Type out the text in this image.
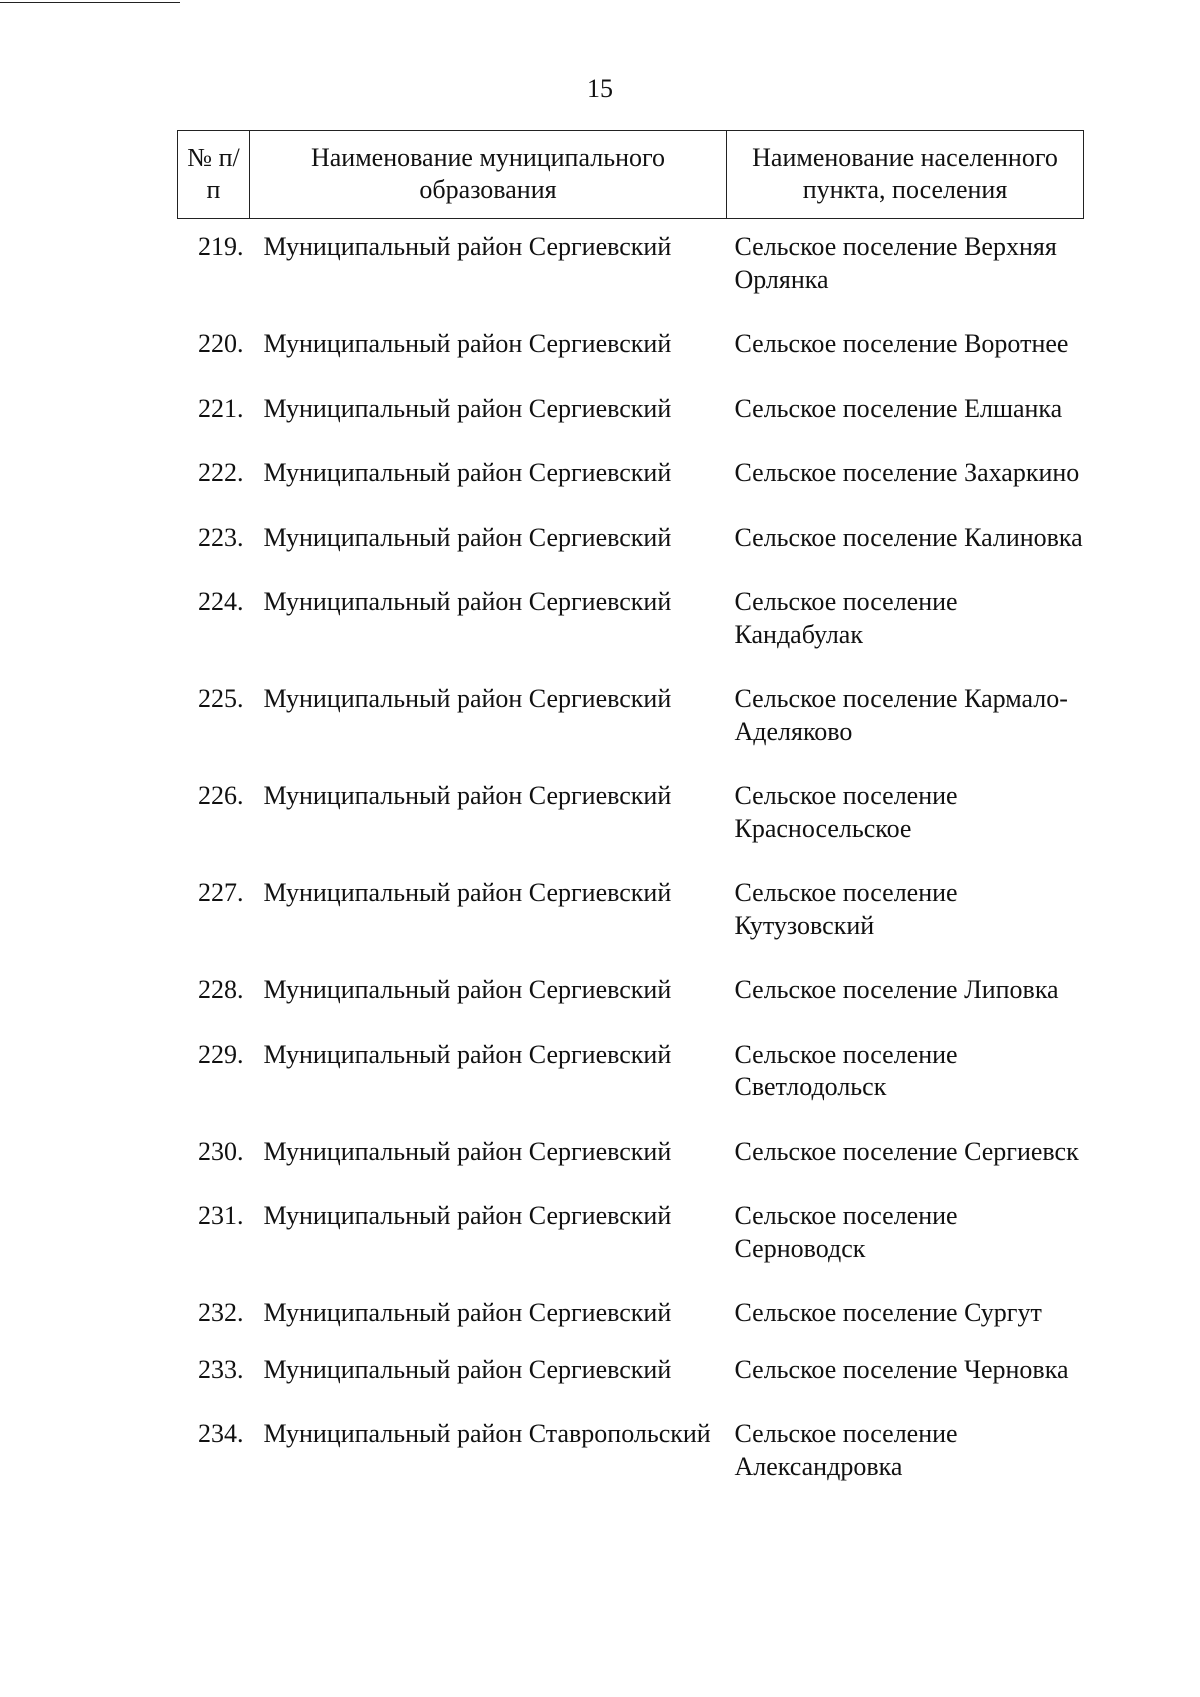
15
№ п/п	Наименование муниципального образования	Наименование населенного пункта, поселения
219.	Муниципальный район Сергиевский	Сельское поселение Верхняя Орлянка
220.	Муниципальный район Сергиевский	Сельское поселение Воротнее
221.	Муниципальный район Сергиевский	Сельское поселение Елшанка
222.	Муниципальный район Сергиевский	Сельское поселение Захаркино
223.	Муниципальный район Сергиевский	Сельское поселение Калиновка
224.	Муниципальный район Сергиевский	Сельское поселение Кандабулак
225.	Муниципальный район Сергиевский	Сельское поселение Кармало-Аделяково
226.	Муниципальный район Сергиевский	Сельское поселение Красносельское
227.	Муниципальный район Сергиевский	Сельское поселение Кутузовский
228.	Муниципальный район Сергиевский	Сельское поселение Липовка
229.	Муниципальный район Сергиевский	Сельское поселение Светлодольск
230.	Муниципальный район Сергиевский	Сельское поселение Сергиевск
231.	Муниципальный район Сергиевский	Сельское поселение Серноводск
232.	Муниципальный район Сергиевский	Сельское поселение Сургут
233.	Муниципальный район Сергиевский	Сельское поселение Черновка
234.	Муниципальный район Ставропольский	Сельское поселение Александровка
